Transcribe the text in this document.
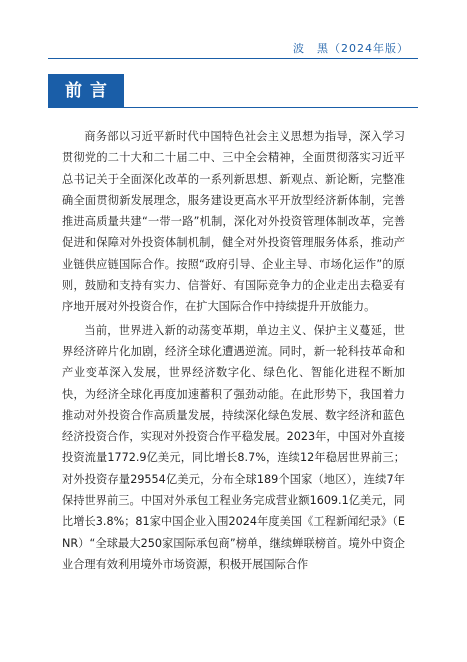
波　黑（2024年版）
前言

商务部以习近平新时代中国特色社会主义思想为指导，深入学习贯彻党的二十大和二十届二中、三中全会精神，全面贯彻落实习近平总书记关于全面深化改革的一系列新思想、新观点、新论断，完整准确全面贯彻新发展理念，服务建设更高水平开放型经济新体制，完善推进高质量共建“一带一路”机制，深化对外投资管理体制改革，完善促进和保障对外投资体制机制，健全对外投资管理服务体系，推动产业链供应链国际合作。按照“政府引导、企业主导、市场化运作”的原则，鼓励和支持有实力、信誉好、有国际竞争力的企业走出去稳妥有序地开展对外投资合作，在扩大国际合作中持续提升开放能力。

当前，世界进入新的动荡变革期，单边主义、保护主义蔓延，世界经济碎片化加剧，经济全球化遭遇逆流。同时，新一轮科技革命和产业变革深入发展，世界经济数字化、绿色化、智能化进程不断加快，为经济全球化再度加速蓄积了强劲动能。在此形势下，我国着力推动对外投资合作高质量发展，持续深化绿色发展、数字经济和蓝色经济投资合作，实现对外投资合作平稳发展。2023年，中国对外直接投资流量1772.9亿美元，同比增长8.7%，连续12年稳居世界前三；对外投资存量29554亿美元，分布全球189个国家（地区），连续7年保持世界前三。中国对外承包工程业务完成营业额1609.1亿美元，同比增长3.8%；81家中国企业入围2024年度美国《工程新闻纪录》（ENR）“全球最大250家国际承包商”榜单，继续蝉联榜首。境外中资企业合理有效利用境外市场资源，积极开展国际合作
